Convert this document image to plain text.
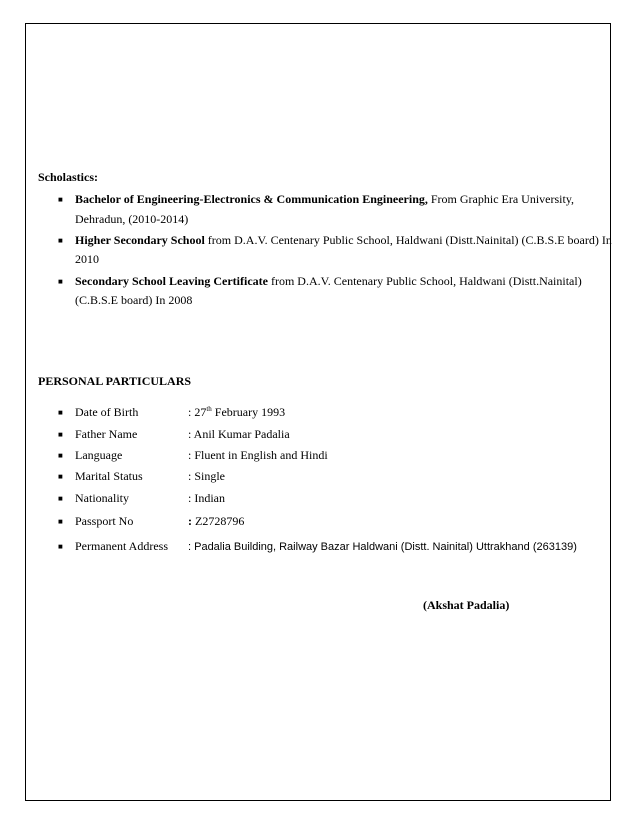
Scholastics:
■ Bachelor of Engineering-Electronics & Communication Engineering, From Graphic Era University,
Dehradun, (2010-2014)
■ Higher Secondary School from D.A.V. Centenary Public School, Haldwani (Distt.Nainital) (C.B.S.E board) In
2010
■ Secondary School Leaving Certificate from D.A.V. Centenary Public School, Haldwani (Distt.Nainital)
(C.B.S.E board) In 2008
PERSONAL PARTICULARS
■ Date of Birth	: 27th February 1993
■ Father Name	: Anil Kumar Padalia
■ Language	: Fluent in English and Hindi
■ Marital Status	: Single
■ Nationality	: Indian
■ Passport No	: Z2728796
■ Permanent Address : Padalia Building, Railway Bazar Haldwani (Distt. Nainital) Uttrakhand (263139)
(Akshat Padalia)
